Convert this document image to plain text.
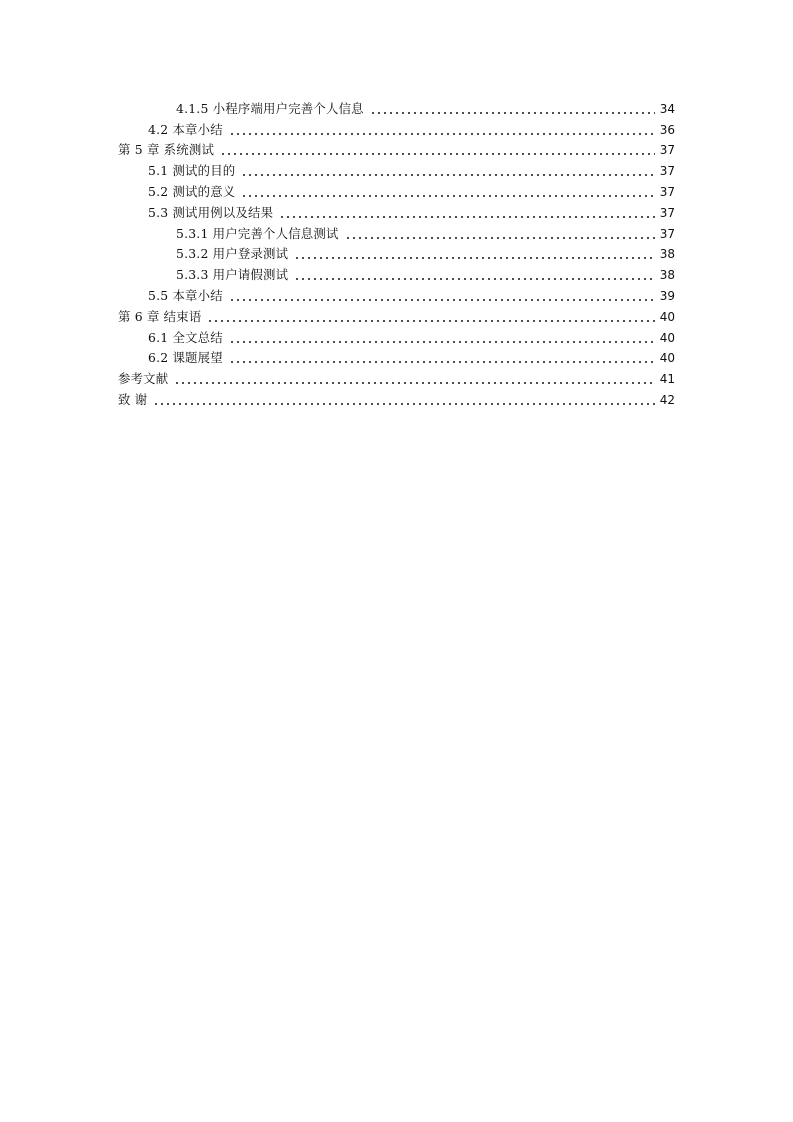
4.1.5 小程序端用户完善个人信息	34
4.2 本章小结	36
第 5 章 系统测试	37
5.1 测试的目的	37
5.2 测试的意义	37
5.3 测试用例以及结果	37
5.3.1 用户完善个人信息测试	37
5.3.2 用户登录测试	38
5.3.3 用户请假测试	38
5.5 本章小结	39
第 6 章 结束语	40
6.1 全文总结	40
6.2 课题展望	40
参考文献	41
致 谢	42
